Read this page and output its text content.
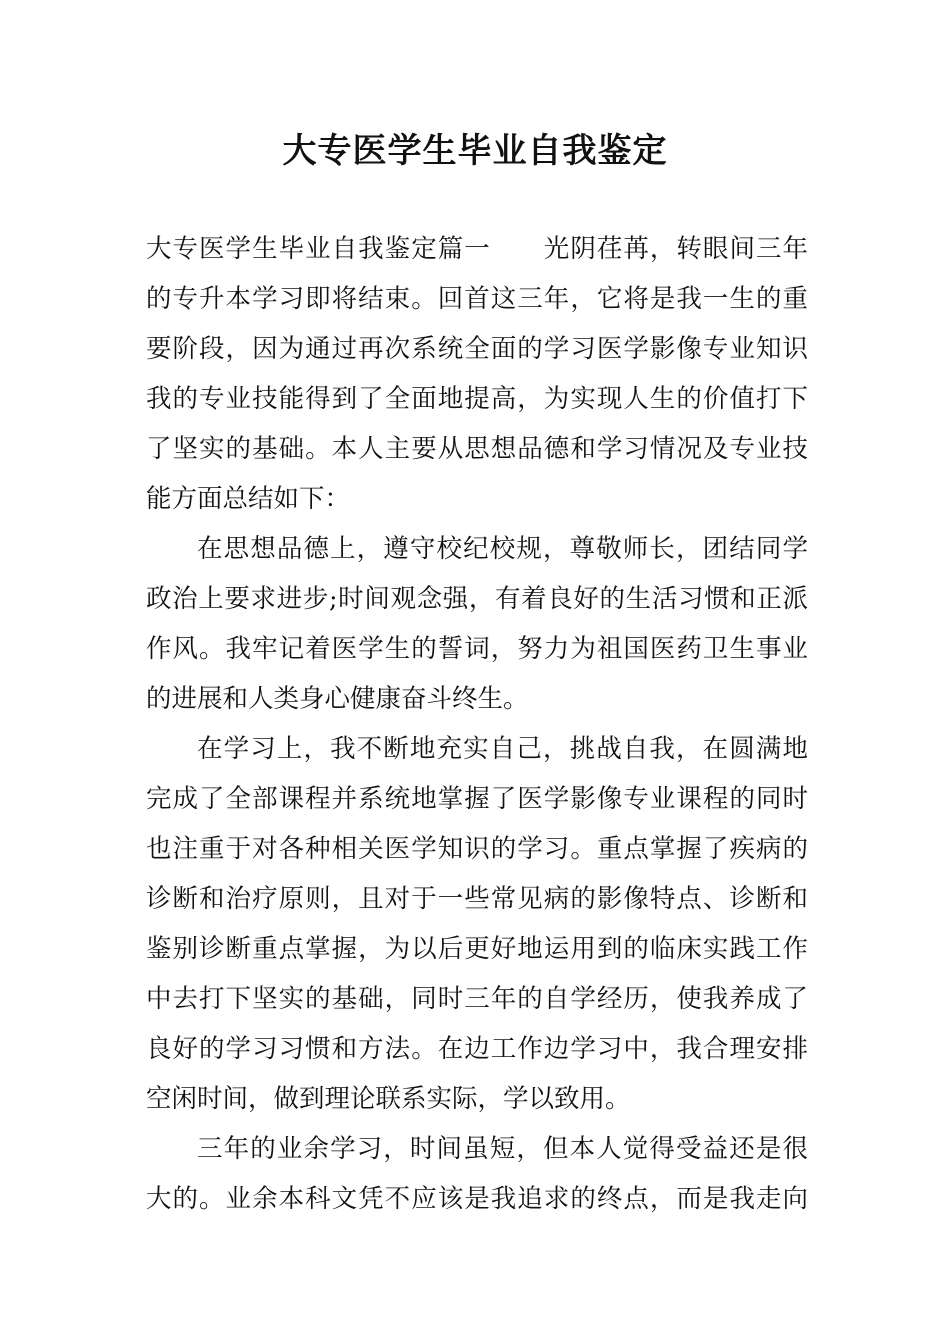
大专医学生毕业自我鉴定
大专医学生毕业自我鉴定篇一　　光阴荏苒，转眼间三年
的专升本学习即将结束。回首这三年，它将是我一生的重
要阶段，因为通过再次系统全面的学习医学影像专业知识
我的专业技能得到了全面地提高，为实现人生的价值打下
了坚实的基础。本人主要从思想品德和学习情况及专业技
能方面总结如下：
在思想品德上，遵守校纪校规，尊敬师长，团结同学
政治上要求进步;时间观念强，有着良好的生活习惯和正派
作风。我牢记着医学生的誓词，努力为祖国医药卫生事业
的进展和人类身心健康奋斗终生。
在学习上，我不断地充实自己，挑战自我，在圆满地
完成了全部课程并系统地掌握了医学影像专业课程的同时
也注重于对各种相关医学知识的学习。重点掌握了疾病的
诊断和治疗原则，且对于一些常见病的影像特点、诊断和
鉴别诊断重点掌握，为以后更好地运用到的临床实践工作
中去打下坚实的基础，同时三年的自学经历，使我养成了
良好的学习习惯和方法。在边工作边学习中，我合理安排
空闲时间，做到理论联系实际，学以致用。
三年的业余学习，时间虽短，但本人觉得受益还是很
大的。业余本科文凭不应该是我追求的终点，而是我走向
